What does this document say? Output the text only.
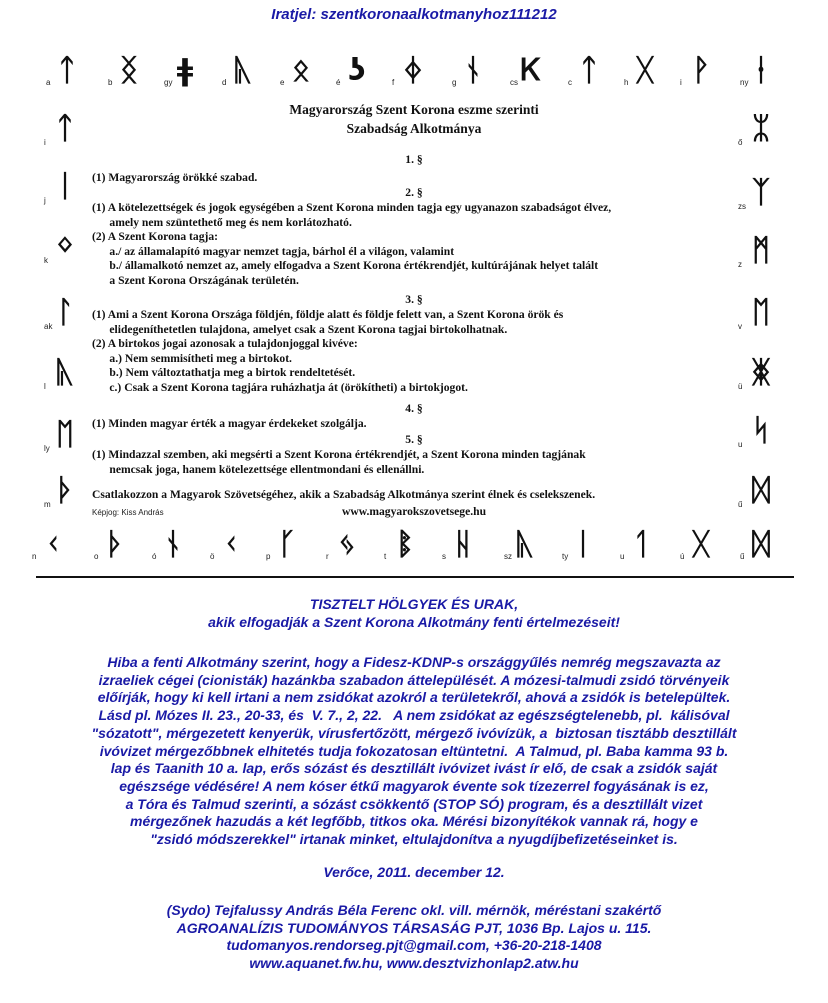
Iratjel: szentkoronaalkotmanyhoz111212
ᛏ
a ᛝ
b ǂ
gy ᚣ
d ᛟ
e ʖ
é ᛄ
f ᚾ
g Ꮶ
cs ᛏ
c ᚷ
h ᚹ
i ᛂ
ny
ᛏ
i
ᛁ
j
ᛜ
k
ᛚ
ak
ᚣ
l
ᛖ
ly
ᚦ
m
ᛯ
ő
ᛉ
zs
ᛗ
z
ᛖ
v
ᛤ
ü
ᛋ
u
ᛞ
ű
ᚲ
n ᚦ
o ᚾ
ó ᚲ
ö ᚴ
p ᛃ
r ᛔ
t ᚺ
s ᚣ
sz ᛁ
ty ᛐ
u ᚷ
ú ᛞ
ű
Magyarország Szent Korona eszme szerinti
Szabadság Alkotmánya
1. §
(1) Magyarország örökké szabad.
2. §
(1) A kötelezettségek és jogok egységében a Szent Korona minden tagja egy ugyanazon szabadságot élvez,
amely nem szüntethető meg és nem korlátozható.
(2) A Szent Korona tagja:
a./ az államalapító magyar nemzet tagja, bárhol él a világon, valamint
b./ államalkotó nemzet az, amely elfogadva a Szent Korona értékrendjét, kultúrájának helyet talált
a Szent Korona Országának területén.
3. §
(1) Ami a Szent Korona Országa földjén, földje alatt és földje felett van, a Szent Korona örök és
elidegeníthetetlen tulajdona, amelyet csak a Szent Korona tagjai birtokolhatnak.
(2) A birtokos jogai azonosak a tulajdonjoggal kivéve:
a.) Nem semmisítheti meg a birtokot.
b.) Nem változtathatja meg a birtok rendeltetését.
c.) Csak a Szent Korona tagjára ruházhatja át (örökítheti) a birtokjogot.
4. §
(1) Minden magyar érték a magyar érdekeket szolgálja.
5. §
(1) Mindazzal szemben, aki megsérti a Szent Korona értékrendjét, a Szent Korona minden tagjának
nemcsak joga, hanem kötelezettsége ellentmondani és ellenállni.
Csatlakozzon a Magyarok Szövetségéhez, akik a Szabadság Alkotmánya szerint élnek és cselekszenek.
Képjog: Kiss András	www.magyarokszovetsege.hu
TISZTELT HÖLGYEK ÉS URAK,
akik elfogadják a Szent Korona Alkotmány fenti értelmezéseit!
Hiba a fenti Alkotmány szerint, hogy a Fidesz-KDNP-s országgyűlés nemrég megszavazta az
izraeliek cégei (cionisták) hazánkba szabadon áttelepülését. A mózesi-talmudi zsidó törvényeik
előírják, hogy ki kell irtani a nem zsidókat azokról a területekről, ahová a zsidók is betelepültek.
Lásd pl. Mózes II. 23., 20-33, és  V. 7., 2, 22.   A nem zsidókat az egészségtelenebb, pl.  kálisóval
"sózatott", mérgezetett kenyerük, vírusfertőzött, mérgező ivóvízük, a  biztosan tisztább desztillált
ivóvizet mérgezőbbnek elhitetés tudja fokozatosan eltüntetni.  A Talmud, pl. Baba kamma 93 b.
lap és Taanith 10 a. lap, erős sózást és desztillált ivóvizet ivást ír elő, de csak a zsidók saját
egészsége védésére! A nem kóser étkű magyarok évente sok tízezerrel fogyásának is ez,
a Tóra és Talmud szerinti, a sózást csökkentő (STOP SÓ) program, és a desztillált vizet
mérgezőnek hazudás a két legfőbb, titkos oka. Mérési bizonyítékok vannak rá, hogy e
"zsidó módszerekkel" irtanak minket, eltulajdonítva a nyugdíjbefizetéseinket is.
Verőce, 2011. december 12.
(Sydo) Tejfalussy András Béla Ferenc okl. vill. mérnök, méréstani szakértő
AGROANALÍZIS TUDOMÁNYOS TÁRSASÁG PJT, 1036 Bp. Lajos u. 115.
tudomanyos.rendorseg.pjt@gmail.com, +36-20-218-1408
www.aquanet.fw.hu, www.desztvizhonlap2.atw.hu
